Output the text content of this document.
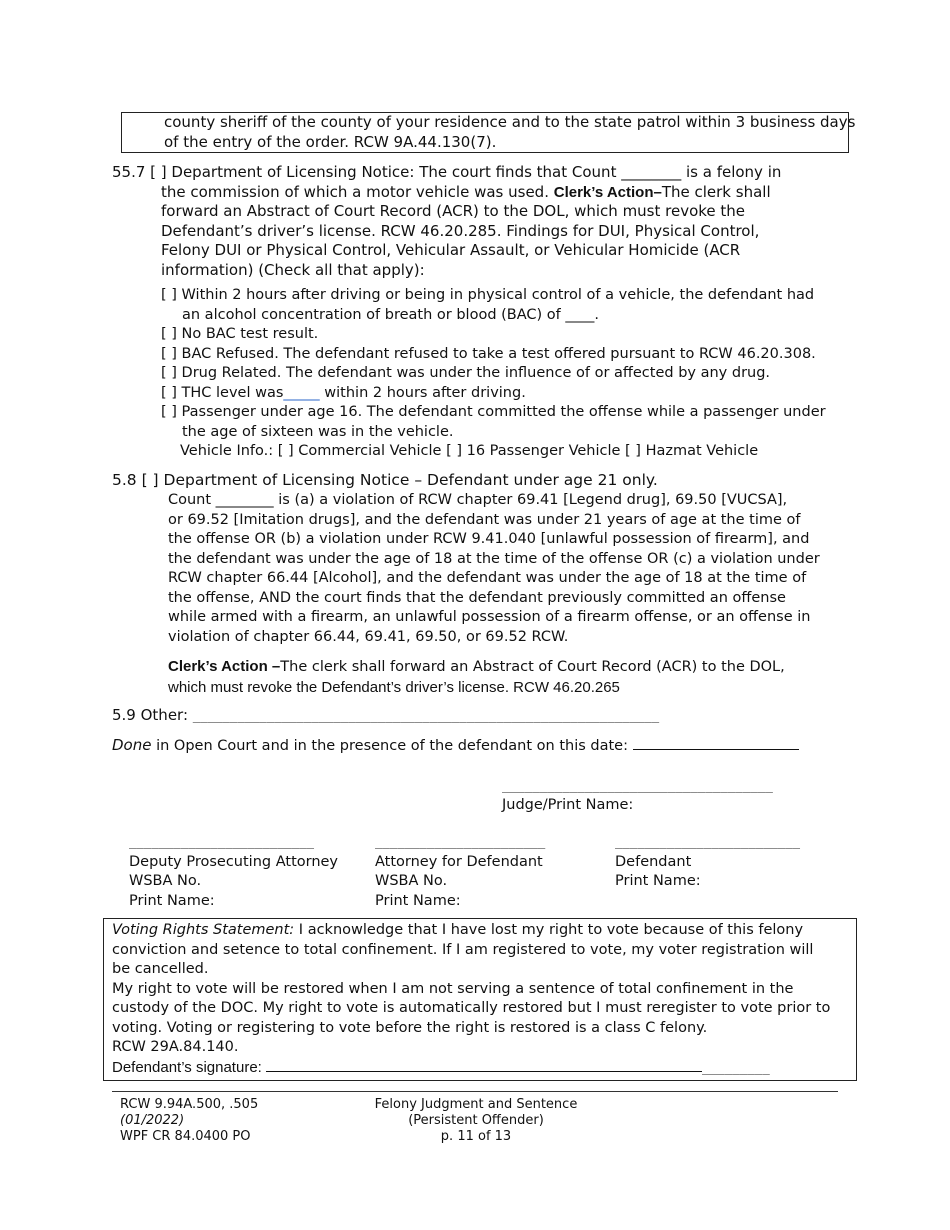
county sheriff of the county of your residence and to the state patrol within 3 business days
of the entry of the order. RCW 9A.44.130(7).
55.7 [ ] Department of Licensing Notice: The court finds that Count ________ is a felony in
the commission of which a motor vehicle was used. Clerk’s Action–The clerk shall
forward an Abstract of Court Record (ACR) to the DOL, which must revoke the
Defendant’s driver’s license. RCW 46.20.285. Findings for DUI, Physical Control,
Felony DUI or Physical Control, Vehicular Assault, or Vehicular Homicide (ACR
information) (Check all that apply):
[ ] Within 2 hours after driving or being in physical control of a vehicle, the defendant had
an alcohol concentration of breath or blood (BAC) of ____.
[ ] No BAC test result.
[ ] BAC Refused. The defendant refused to take a test offered pursuant to RCW 46.20.308.
[ ] Drug Related. The defendant was under the influence of or affected by any drug.
[ ] THC level was_____ within 2 hours after driving.
[ ] Passenger under age 16. The defendant committed the offense while a passenger under
the age of sixteen was in the vehicle.
Vehicle Info.: [ ] Commercial Vehicle [ ] 16 Passenger Vehicle [ ] Hazmat Vehicle
5.8 [ ] Department of Licensing Notice – Defendant under age 21 only.
Count ________ is (a) a violation of RCW chapter 69.41 [Legend drug], 69.50 [VUCSA],
or 69.52 [Imitation drugs], and the defendant was under 21 years of age at the time of
the offense OR (b) a violation under RCW 9.41.040 [unlawful possession of firearm], and
the defendant was under the age of 18 at the time of the offense OR (c) a violation under
RCW chapter 66.44 [Alcohol], and the defendant was under the age of 18 at the time of
the offense, AND the court finds that the defendant previously committed an offense
while armed with a firearm, an unlawful possession of a firearm offense, or an offense in
violation of chapter 66.44, 69.41, 69.50, or 69.52 RCW.
Clerk’s Action –The clerk shall forward an Abstract of Court Record (ACR) to the DOL,
which must revoke the Defendant’s driver’s license. RCW 46.20.265
5.9 Other: _______________________________________________________________
Done in Open Court and in the presence of the defendant on this date:
____________________________________
Judge/Print Name:
_________________________
Deputy Prosecuting Attorney
WSBA No.
Print Name:
_______________________
Attorney for Defendant
WSBA No.
Print Name:
_________________________
Defendant
Print Name:
Voting Rights Statement: I acknowledge that I have lost my right to vote because of this felony
conviction and setence to total confinement. If I am registered to vote, my voter registration will
be cancelled.
My right to vote will be restored when I am not serving a sentence of total confinement in the
custody of the DOC. My right to vote is automatically restored but I must reregister to vote prior to
voting. Voting or registering to vote before the right is restored is a class C felony.
RCW 29A.84.140.
Defendant’s signature:	_________
RCW 9.94A.500, .505
(01/2022)
WPF CR 84.0400 PO
Felony Judgment and Sentence
(Persistent Offender)
p. 11 of 13
